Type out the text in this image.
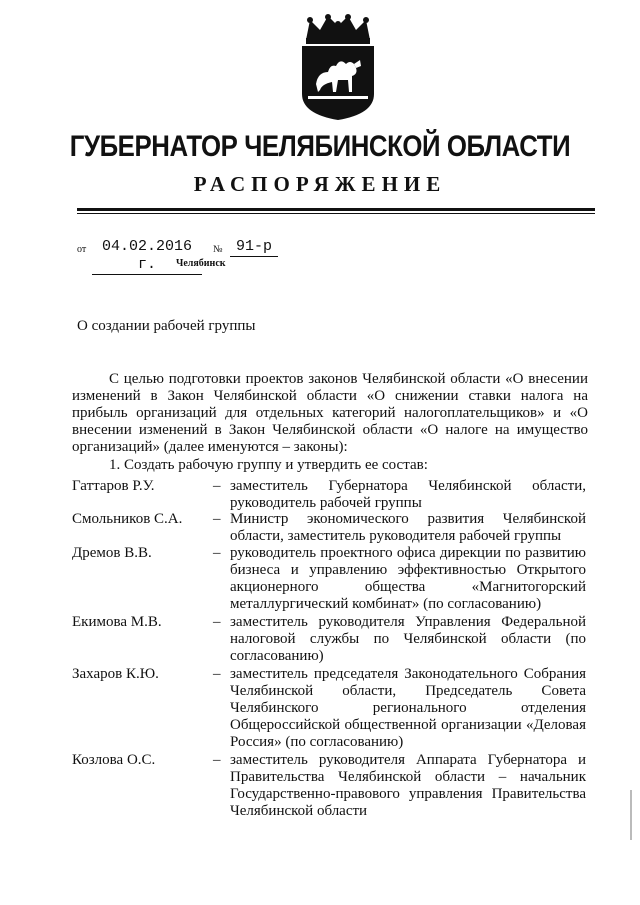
ГУБЕРНАТОР ЧЕЛЯБИНСКОЙ ОБЛАСТИ
РАСПОРЯЖЕНИЕ
от	04.02.2016 г.
№ 91-р
Челябинск
О создании рабочей группы
С целью подготовки проектов законов Челябинской области «О внесении изменений в Закон Челябинской области «О снижении ставки налога на прибыль организаций для отдельных категорий налогоплательщиков» и «О внесении изменений в Закон Челябинской области «О налоге на имущество организаций» (далее именуются – законы):
1. Создать рабочую группу и утвердить ее состав:
Гаттаров Р.У.	– заместитель Губернатора Челябинской области, руководитель рабочей группы
Смольников С.А. – Министр экономического развития Челябинской области, заместитель руководителя рабочей группы
Дремов В.В.	– руководитель проектного офиса дирекции по развитию бизнеса и управлению эффективностью Открытого акционерного общества «Магнитогорский металлургический комбинат» (по согласованию)
Екимова М.В.	– заместитель руководителя Управления Федеральной налоговой службы по Челябинской области (по согласованию)
Захаров К.Ю.	– заместитель председателя Законодательного Собрания Челябинской области, Председатель Совета Челябинского регионального отделения Общероссийской общественной организации «Деловая Россия» (по согласованию)
Козлова О.С.	– заместитель руководителя Аппарата Губернатора и Правительства Челябинской области – начальник Государственно-правового управления Правительства Челябинской области
